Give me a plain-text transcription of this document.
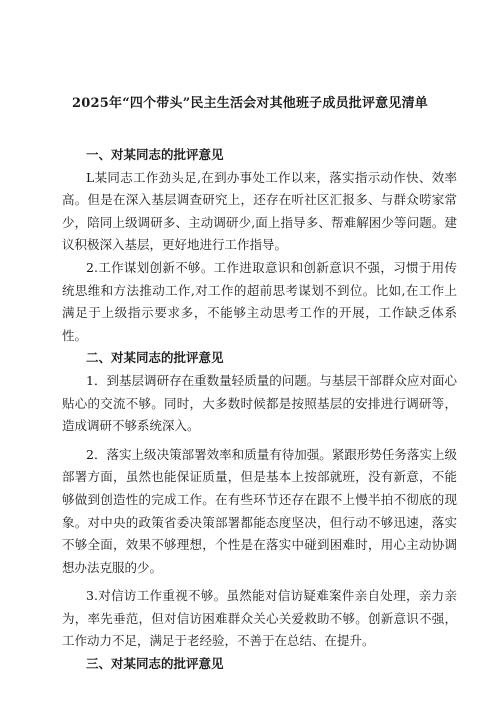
2025年“四个带头”民主生活会对其他班子成员批评意见清单

一、对某同志的批评意见

L某同志工作劲头足,在到办事处工作以来，落实指示动作快、效率高。但是在深入基层调查研究上，还存在听社区汇报多、与群众唠家常少，陪同上级调研多、主动调研少,面上指导多、帮难解困少等问题。建议积极深入基层，更好地进行工作指导。

2.工作谋划创新不够。工作进取意识和创新意识不强，习惯于用传统思维和方法推动工作,对工作的超前思考谋划不到位。比如,在工作上满足于上级指示要求多，不能够主动思考工作的开展，工作缺乏体系性。

二、对某同志的批评意见

1．到基层调研存在重数量轻质量的问题。与基层干部群众应对面心贴心的交流不够。同时，大多数时候都是按照基层的安排进行调研等，造成调研不够系统深入。

2．落实上级决策部署效率和质量有待加强。紧跟形势任务落实上级部署方面，虽然也能保证质量，但是基本上按部就班，没有新意，不能够做到创造性的完成工作。在有些环节还存在跟不上慢半拍不彻底的现象。对中央的政策省委决策部署都能态度坚决，但行动不够迅速，落实不够全面，效果不够理想，个性是在落实中碰到困难时，用心主动协调想办法克服的少。

3.对信访工作重视不够。虽然能对信访疑难案件亲自处理，亲力亲为，率先垂范，但对信访困难群众关心关爱救助不够。创新意识不强，工作动力不足，满足于老经验，不善于在总结、在提升。

三、对某同志的批评意见
